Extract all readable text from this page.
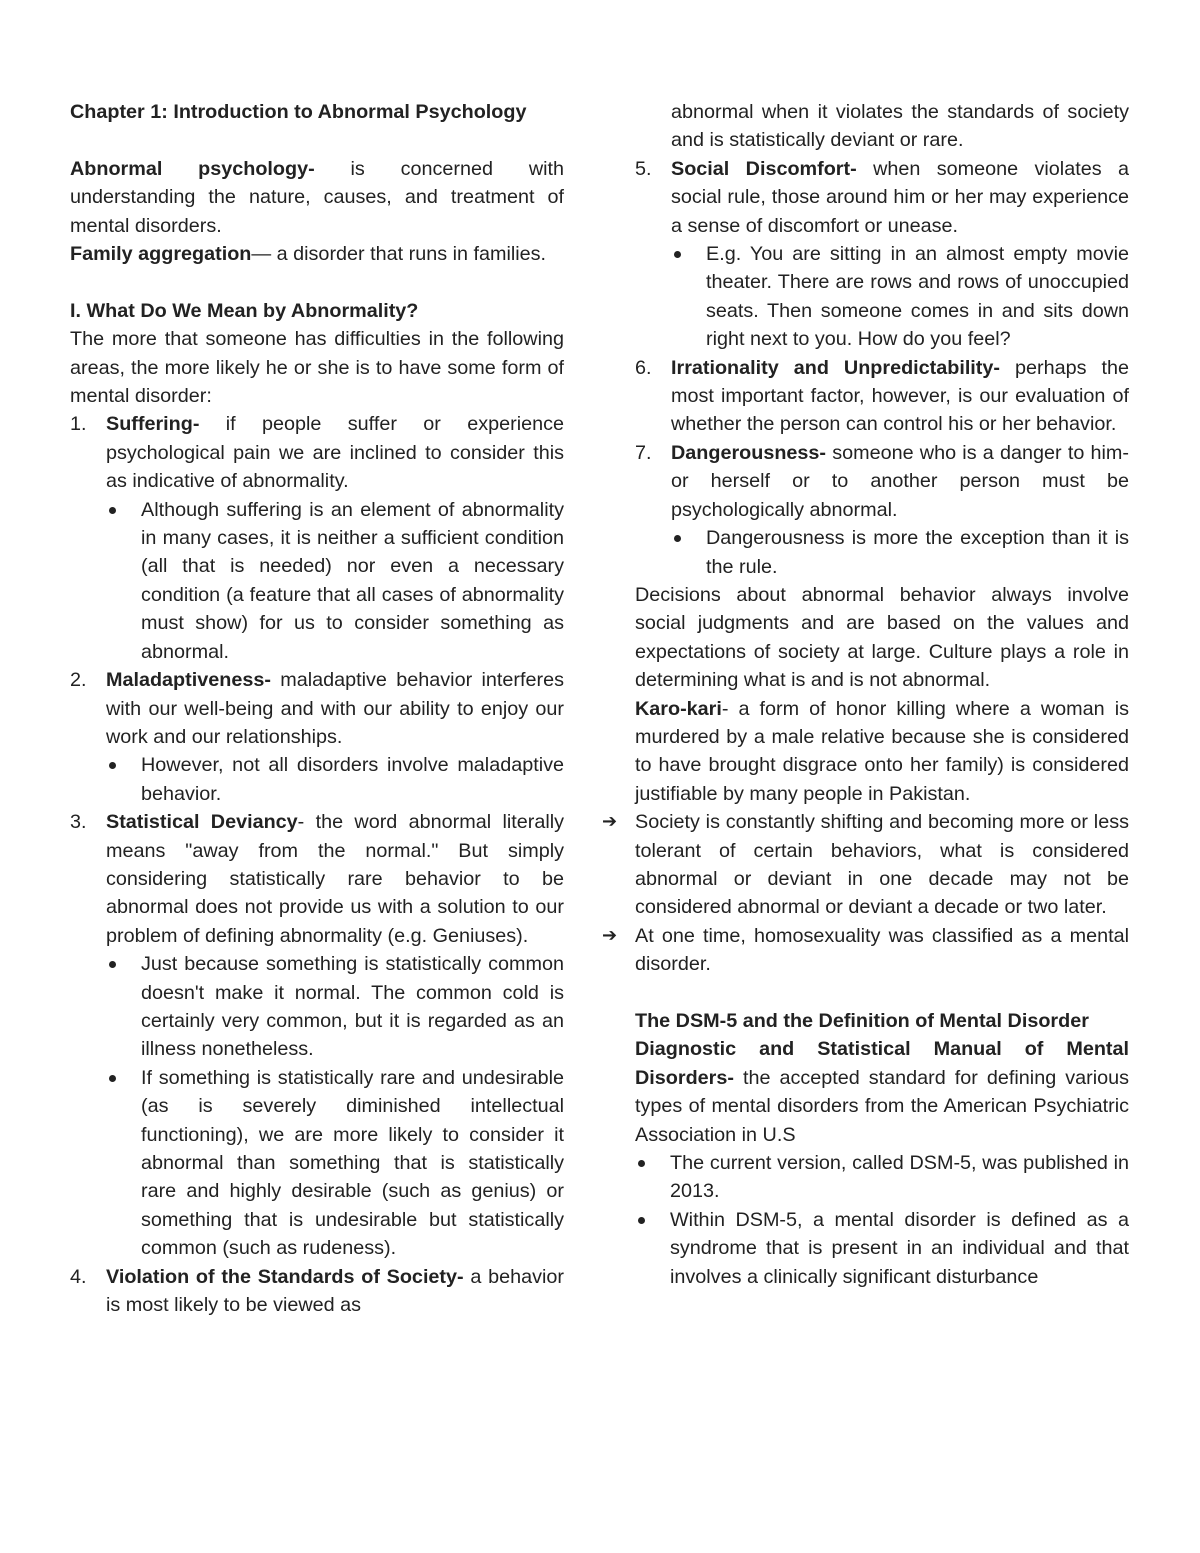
Chapter 1: Introduction to Abnormal Psychology

Abnormal psychology- is concerned with understanding the nature, causes, and treatment of mental disorders.

Family aggregation— a disorder that runs in families.

I. What Do We Mean by Abnormality?

The more that someone has difficulties in the following areas, the more likely he or she is to have some form of mental disorder:

1. Suffering- if people suffer or experience psychological pain we are inclined to consider this as indicative of abnormality.
Although suffering is an element of abnormality in many cases, it is neither a sufficient condition (all that is needed) nor even a necessary condition (a feature that all cases of abnormality must show) for us to consider something as abnormal.
2. Maladaptiveness- maladaptive behavior interferes with our well-being and with our ability to enjoy our work and our relationships.
However, not all disorders involve maladaptive behavior.
3. Statistical Deviancy- the word abnormal literally means "away from the normal." But simply considering statistically rare behavior to be abnormal does not provide us with a solution to our problem of defining abnormality (e.g. Geniuses).
Just because something is statistically common doesn't make it normal. The common cold is certainly very common, but it is regarded as an illness nonetheless.
If something is statistically rare and undesirable (as is severely diminished intellectual functioning), we are more likely to consider it abnormal than something that is statistically rare and highly desirable (such as genius) or something that is undesirable but statistically common (such as rudeness).
4. Violation of the Standards of Society- a behavior is most likely to be viewed as

abnormal when it violates the standards of society and is statistically deviant or rare.

5. Social Discomfort- when someone violates a social rule, those around him or her may experience a sense of discomfort or unease.
E.g. You are sitting in an almost empty movie theater. There are rows and rows of unoccupied seats. Then someone comes in and sits down right next to you. How do you feel?
6. Irrationality and Unpredictability- perhaps the most important factor, however, is our evaluation of whether the person can control his or her behavior.
7. Dangerousness- someone who is a danger to him- or herself or to another person must be psychologically abnormal.
Dangerousness is more the exception than it is the rule.

Decisions about abnormal behavior always involve social judgments and are based on the values and expectations of society at large. Culture plays a role in determining what is and is not abnormal.

Karo-kari- a form of honor killing where a woman is murdered by a male relative because she is considered to have brought disgrace onto her family) is considered justifiable by many people in Pakistan.

➔ Society is constantly shifting and becoming more or less tolerant of certain behaviors, what is considered abnormal or deviant in one decade may not be considered abnormal or deviant a decade or two later.
➔ At one time, homosexuality was classified as a mental disorder.

The DSM-5 and the Definition of Mental Disorder

Diagnostic and Statistical Manual of Mental Disorders- the accepted standard for defining various types of mental disorders from the American Psychiatric Association in U.S

The current version, called DSM-5, was published in 2013.
Within DSM-5, a mental disorder is defined as a syndrome that is present in an individual and that involves a clinically significant disturbance
